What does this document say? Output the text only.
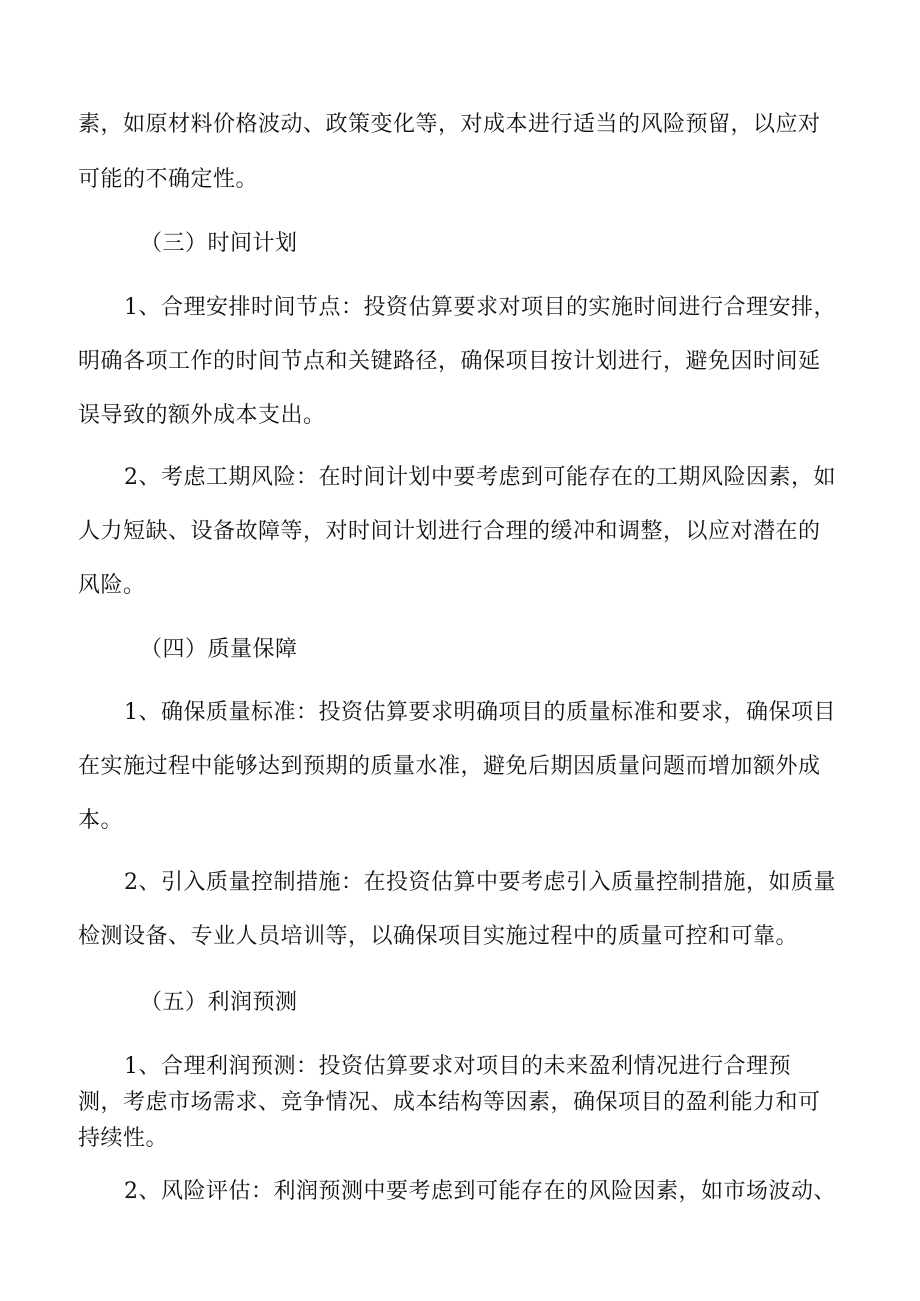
素，如原材料价格波动、政策变化等，对成本进行适当的风险预留，以应对
可能的不确定性。
（三）时间计划
1、合理安排时间节点：投资估算要求对项目的实施时间进行合理安排，
明确各项工作的时间节点和关键路径，确保项目按计划进行，避免因时间延
误导致的额外成本支出。
2、考虑工期风险：在时间计划中要考虑到可能存在的工期风险因素，如
人力短缺、设备故障等，对时间计划进行合理的缓冲和调整，以应对潜在的
风险。
（四）质量保障
1、确保质量标准：投资估算要求明确项目的质量标准和要求，确保项目
在实施过程中能够达到预期的质量水准，避免后期因质量问题而增加额外成
本。
2、引入质量控制措施：在投资估算中要考虑引入质量控制措施，如质量
检测设备、专业人员培训等，以确保项目实施过程中的质量可控和可靠。
（五）利润预测
1、合理利润预测：投资估算要求对项目的未来盈利情况进行合理预
测，考虑市场需求、竞争情况、成本结构等因素，确保项目的盈利能力和可
持续性。
2、风险评估：利润预测中要考虑到可能存在的风险因素，如市场波动、
